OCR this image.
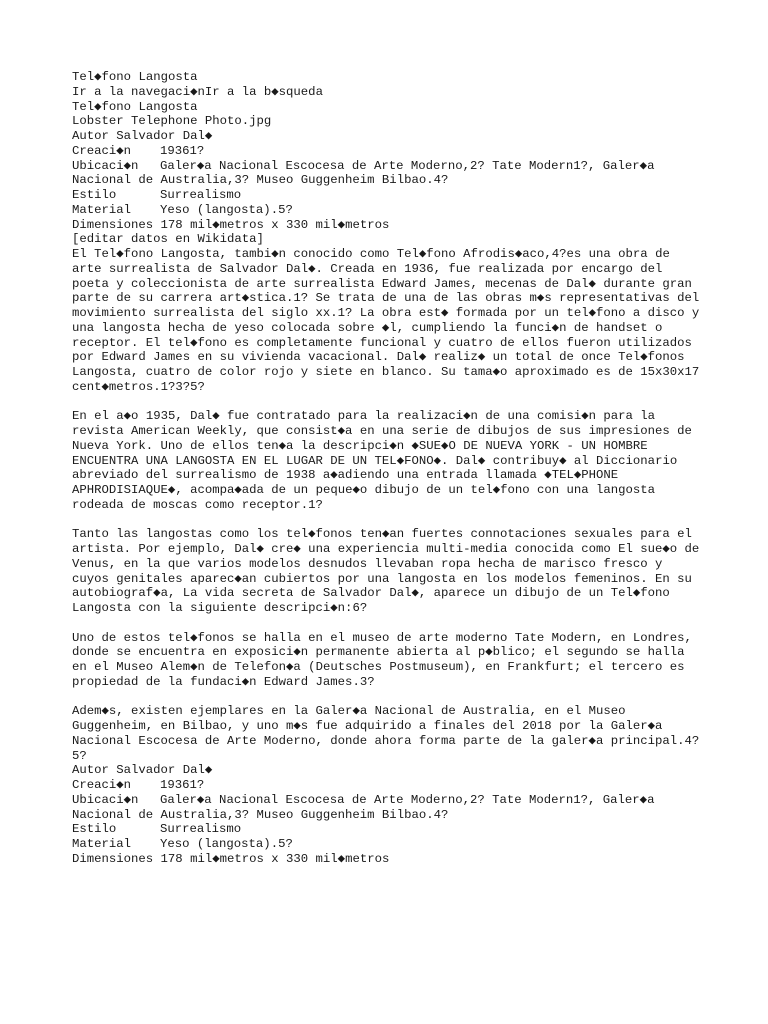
Tel◆fono Langosta
Ir a la navegaci◆nIr a la b◆squeda
Tel◆fono Langosta
Lobster Telephone Photo.jpg
Autor Salvador Dal◆
Creaci◆n	19361?
Ubicaci◆n	Galer◆a Nacional Escocesa de Arte Moderno,2? Tate Modern1?, Galer◆a
Nacional de Australia,3? Museo Guggenheim Bilbao.4?
Estilo	Surrealismo
Material	Yeso (langosta).5?
Dimensiones 178 mil◆metros x 330 mil◆metros
[editar datos en Wikidata]
El Tel◆fono Langosta, tambi◆n conocido como Tel◆fono Afrodis◆aco,4?es una obra de arte surrealista de Salvador Dal◆. Creada en 1936, fue realizada por encargo del poeta y coleccionista de arte surrealista Edward James, mecenas de Dal◆ durante gran parte de su carrera art◆stica.1? Se trata de una de las obras m◆s representativas del movimiento surrealista del siglo xx.1? La obra est◆ formada por un tel◆fono a disco y una langosta hecha de yeso colocada sobre ◆l, cumpliendo la funci◆n de handset o receptor. El tel◆fono es completamente funcional y cuatro de ellos fueron utilizados por Edward James en su vivienda vacacional. Dal◆ realiz◆ un total de once Tel◆fonos Langosta, cuatro de color rojo y siete en blanco. Su tama◆o aproximado es de 15x30x17 cent◆metros.1?3?5?
En el a◆o 1935, Dal◆ fue contratado para la realizaci◆n de una comisi◆n para la revista American Weekly, que consist◆a en una serie de dibujos de sus impresiones de Nueva York. Uno de ellos ten◆a la descripci◆n ◆SUE◆O DE NUEVA YORK - UN HOMBRE ENCUENTRA UNA LANGOSTA EN EL LUGAR DE UN TEL◆FONO◆. Dal◆ contribuy◆ al Diccionario abreviado del surrealismo de 1938 a◆adiendo una entrada llamada ◆TEL◆PHONE APHRODISIAQUE◆, acompa◆ada de un peque◆o dibujo de un tel◆fono con una langosta rodeada de moscas como receptor.1?
Tanto las langostas como los tel◆fonos ten◆an fuertes connotaciones sexuales para el artista. Por ejemplo, Dal◆ cre◆ una experiencia multi-media conocida como El sue◆o de Venus, en la que varios modelos desnudos llevaban ropa hecha de marisco fresco y cuyos genitales aparec◆an cubiertos por una langosta en los modelos femeninos. En su autobiograf◆a, La vida secreta de Salvador Dal◆, aparece un dibujo de un Tel◆fono Langosta con la siguiente descripci◆n:6?
Uno de estos tel◆fonos se halla en el museo de arte moderno Tate Modern, en Londres, donde se encuentra en exposici◆n permanente abierta al p◆blico; el segundo se halla en el Museo Alem◆n de Telefon◆a (Deutsches Postmuseum), en Frankfurt; el tercero es propiedad de la fundaci◆n Edward James.3?
Adem◆s, existen ejemplares en la Galer◆a Nacional de Australia, en el Museo Guggenheim, en Bilbao, y uno m◆s fue adquirido a finales del 2018 por la Galer◆a Nacional Escocesa de Arte Moderno, donde ahora forma parte de la galer◆a principal.4?5?
Autor Salvador Dal◆
Creaci◆n	19361?
Ubicaci◆n	Galer◆a Nacional Escocesa de Arte Moderno,2? Tate Modern1?, Galer◆a
Nacional de Australia,3? Museo Guggenheim Bilbao.4?
Estilo	Surrealismo
Material	Yeso (langosta).5?
Dimensiones 178 mil◆metros x 330 mil◆metros
